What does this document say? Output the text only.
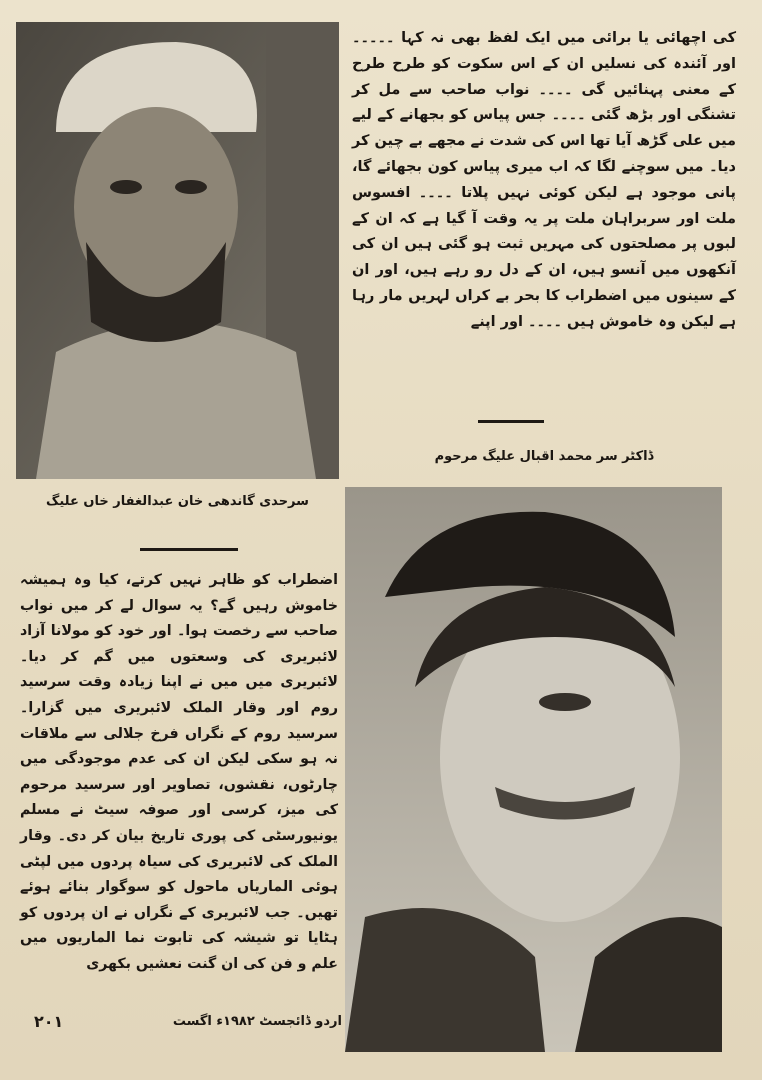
کی اچھائی یا برائی میں ایک لفظ بھی نہ کہا ۔۔۔۔۔ اور آئندہ کی نسلیں ان کے اس سکوت کو طرح طرح کے معنی پہنائیں گی ۔۔۔۔ نواب صاحب سے مل کر تشنگی اور بڑھ گئی ۔۔۔۔ جس پیاس کو بجھانے کے لیے میں علی گڑھ آیا تھا اس کی شدت نے مجھے بے چین کر دیا۔ میں سوچنے لگا کہ اب میری پیاس کون بجھائے گا، پانی موجود ہے لیکن کوئی نہیں پلاتا ۔۔۔۔ افسوس ملت اور سربراہان ملت پر یہ وقت آ گیا ہے کہ ان کے لبوں پر مصلحتوں کی مہریں ثبت ہو گئی ہیں ان کی آنکھوں میں آنسو ہیں، ان کے دل رو رہے ہیں، اور ان کے سینوں میں اضطراب کا بحر بے کراں لہریں مار رہا ہے لیکن وہ خاموش ہیں ۔۔۔۔ اور اپنے

ڈاکٹر سر محمد اقبال علیگ مرحوم
سرحدی گاندھی خان عبدالغفار خاں علیگ

اضطراب کو ظاہر نہیں کرتے، کیا وہ ہمیشہ خاموش رہیں گے؟ یہ سوال لے کر میں نواب صاحب سے رخصت ہوا۔ اور خود کو مولانا آزاد لائبریری کی وسعتوں میں گم کر دیا۔ لائبریری میں میں نے اپنا زیادہ وقت سرسید روم اور وقار الملک لائبریری میں گزارا۔ سرسید روم کے نگراں فرخ جلالی سے ملاقات نہ ہو سکی لیکن ان کی عدم موجودگی میں چارٹوں، نقشوں، تصاویر اور سرسید مرحوم کی میز، کرسی اور صوفہ سیٹ نے مسلم یونیورسٹی کی پوری تاریخ بیان کر دی۔ وقار الملک کی لائبریری کی سیاہ پردوں میں لپٹی ہوئی الماریاں ماحول کو سوگوار بنائے ہوئے تھیں۔ جب لائبریری کے نگراں نے ان پردوں کو ہٹایا تو شیشہ کی تابوت نما الماریوں میں علم و فن کی ان گنت نعشیں بکھری

اردو ڈائجسٹ ۱۹۸۲ء اگست
۲۰۱
